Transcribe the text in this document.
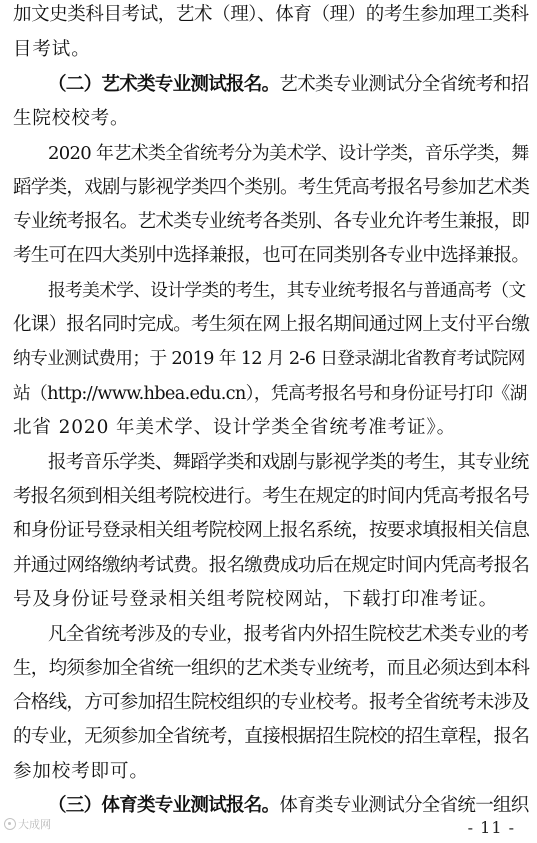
加文史类科目考试，艺术（理）、体育（理）的考生参加理工类科
目考试。
（二）艺术类专业测试报名。艺术类专业测试分全省统考和招
生院校校考。
2020 年艺术类全省统考分为美术学、设计学类，音乐学类，舞
蹈学类，戏剧与影视学类四个类别。考生凭高考报名号参加艺术类
专业统考报名。艺术类专业统考各类别、各专业允许考生兼报，即
考生可在四大类别中选择兼报，也可在同类别各专业中选择兼报。
报考美术学、设计学类的考生，其专业统考报名与普通高考（文
化课）报名同时完成。考生须在网上报名期间通过网上支付平台缴
纳专业测试费用；于 2019 年 12 月 2-6 日登录湖北省教育考试院网
站（http://www.hbea.edu.cn），凭高考报名号和身份证号打印《湖
北省 2020 年美术学、设计学类全省统考准考证》。
报考音乐学类、舞蹈学类和戏剧与影视学类的考生，其专业统
考报名须到相关组考院校进行。考生在规定的时间内凭高考报名号
和身份证号登录相关组考院校网上报名系统，按要求填报相关信息
并通过网络缴纳考试费。报名缴费成功后在规定时间内凭高考报名
号及身份证号登录相关组考院校网站，下载打印准考证。
凡全省统考涉及的专业，报考省内外招生院校艺术类专业的考
生，均须参加全省统一组织的艺术类专业统考，而且必须达到本科
合格线，方可参加招生院校组织的专业校考。报考全省统考未涉及
的专业，无须参加全省统考，直接根据招生院校的招生章程，报名
参加校考即可。
（三）体育类专业测试报名。体育类专业测试分全省统一组织
大成网	- 11 -
